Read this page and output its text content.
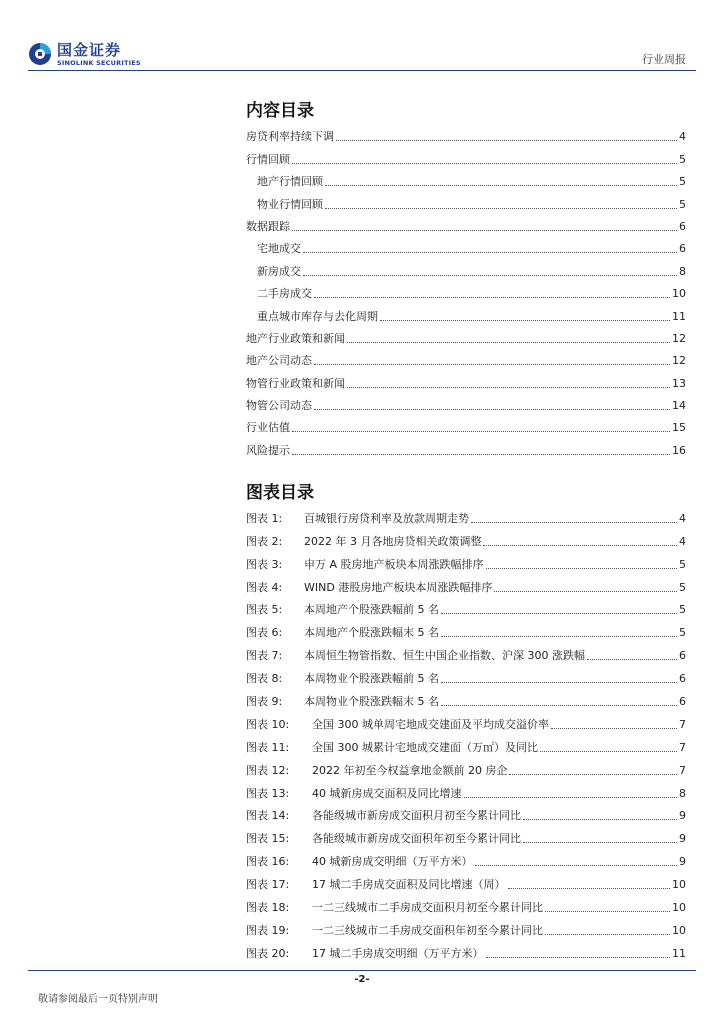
国金证券
SINOLINK SECURITIES	行业周报
内容目录
房贷利率持续下调	4
行情回顾	5
地产行情回顾	5
物业行情回顾	5
数据跟踪	6
宅地成交	6
新房成交	8
二手房成交	10
重点城市库存与去化周期	11
地产行业政策和新闻	12
地产公司动态	12
物管行业政策和新闻	13
物管公司动态	14
行业估值	15
风险提示	16
图表目录
图表 1:	百城银行房贷利率及放款周期走势	4
图表 2:	2022 年 3 月各地房贷相关政策调整	4
图表 3:	申万 A 股房地产板块本周涨跌幅排序	5
图表 4:	WIND 港股房地产板块本周涨跌幅排序	5
图表 5:	本周地产个股涨跌幅前 5 名	5
图表 6:	本周地产个股涨跌幅末 5 名	5
图表 7:	本周恒生物管指数、恒生中国企业指数、沪深 300 涨跌幅	6
图表 8:	本周物业个股涨跌幅前 5 名	6
图表 9:	本周物业个股涨跌幅末 5 名	6
图表 10:	全国 300 城单周宅地成交建面及平均成交溢价率	7
图表 11:	全国 300 城累计宅地成交建面（万㎡）及同比	7
图表 12:	2022 年初至今权益拿地金额前 20 房企	7
图表 13:	40 城新房成交面积及同比增速	8
图表 14:	各能级城市新房成交面积月初至今累计同比	9
图表 15:	各能级城市新房成交面积年初至今累计同比	9
图表 16:	40 城新房成交明细（万平方米）	9
图表 17:	17 城二手房成交面积及同比增速（周）	10
图表 18:	一二三线城市二手房成交面积月初至今累计同比	10
图表 19:	一二三线城市二手房成交面积年初至今累计同比	10
图表 20:	17 城二手房成交明细（万平方米）	11
-2-
敬请参阅最后一页特别声明
